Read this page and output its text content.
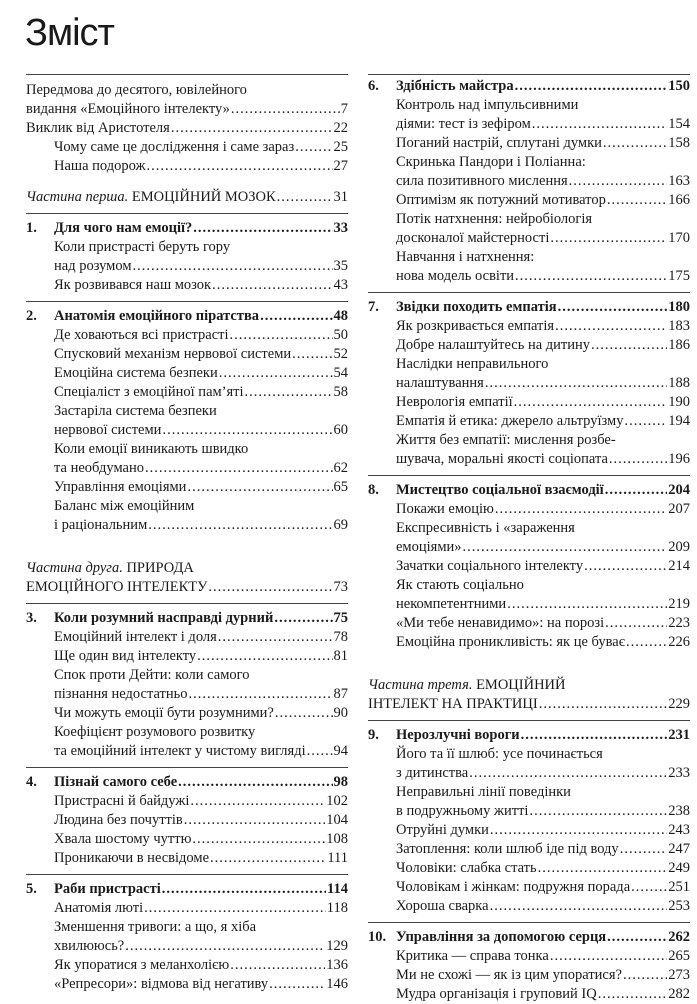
Зміст
Передмова до десятого, ювілейного
видання «Емоційного інтелекту» .....	7
Виклик від Аристотеля .....	22
Чому саме це дослідження і саме зараз .....	25
Наша подорож .....	27
Частина перша. ЕМОЦІЙНИЙ МОЗОК .....	31
1. Для чого нам емоції? .....	33
Коли пристрасті беруть гору
над розумом .....	35
Як розвивався наш мозок .....	43
2. Анатомія емоційного піратства .....	48
Де ховаються всі пристрасті .....	50
Спусковий механізм нервової системи .....	52
Емоційна система безпеки .....	54
Спеціаліст з емоційної пам’яті .....	58
Застаріла система безпеки
нервової системи .....	60
Коли емоції виникають швидко
та необдумано .....	62
Управління емоціями .....	65
Баланс між емоційним
і раціональним .....	69
Частина друга. ПРИРОДА
ЕМОЦІЙНОГО ІНТЕЛЕКТУ .....	73
3. Коли розумний насправді дурний .....	75
Емоційний інтелект і доля .....	78
Ще один вид інтелекту .....	81
Спок проти Дейти: коли самого
пізнання недостатньо .....	87
Чи можуть емоції бути розумними? .....	90
Коефіцієнт розумового розвитку
та емоційний інтелект у чистому вигляді ..... 94
4. Пізнай самого себе .....	98
Пристрасні й байдужі .....	102
Людина без почуттів .....	104
Хвала шостому чуттю .....	108
Проникаючи в несвідоме .....	111
5. Раби пристрасті .....	114
Анатомія люті .....	118
Зменшення тривоги: а що, я хіба
хвилююсь? .....	129
Як упоратися з меланхолією .....	136
«Репресори»: відмова від негативу .....	146
6. Здібність майстра .....	150
Контроль над імпульсивними
діями: тест із зефіром .....	154
Поганий настрій, сплутані думки .....	158
Скринька Пандори і Поліанна:
сила позитивного мислення .....	163
Оптимізм як потужний мотиватор .....	166
Потік натхнення: нейробіологія
досконалої майстерності .....	170
Навчання і натхнення:
нова модель освіти .....	175
7. Звідки походить емпатія .....	180
Як розкривається емпатія .....	183
Добре налаштуйтесь на дитину .....	186
Наслідки неправильного
налаштування .....	188
Неврологія емпатії .....	190
Емпатія й етика: джерело альтруїзму .....	194
Життя без емпатії: мислення розбе-
шувача, моральні якості соціопата .....	196
8. Мистецтво соціальної взаємодії .....	204
Покажи емоцію .....	207
Експресивність і «зараження
емоціями» .....	209
Зачатки соціального інтелекту .....	214
Як стають соціально
некомпетентними .....	219
«Ми тебе ненавидимо»: на порозі .....	223
Емоційна проникливість: як це буває .....	226
Частина третя. ЕМОЦІЙНИЙ
ІНТЕЛЕКТ НА ПРАКТИЦІ .....	229
9. Нерозлучні вороги .....	231
Його та її шлюб: усе починається
з дитинства .....	233
Неправильні лінії поведінки
в подружньому житті .....	238
Отруйні думки .....	243
Затоплення: коли шлюб іде під воду .....	247
Чоловіки: слабка стать .....	249
Чоловікам і жінкам: подружня порада .....	251
Хороша сварка .....	253
10. Управління за допомогою серця .....	262
Критика — справа тонка .....	265
Ми не схожі — як із цим упоратися? .....	273
Мудра організація і груповий IQ .....	282
